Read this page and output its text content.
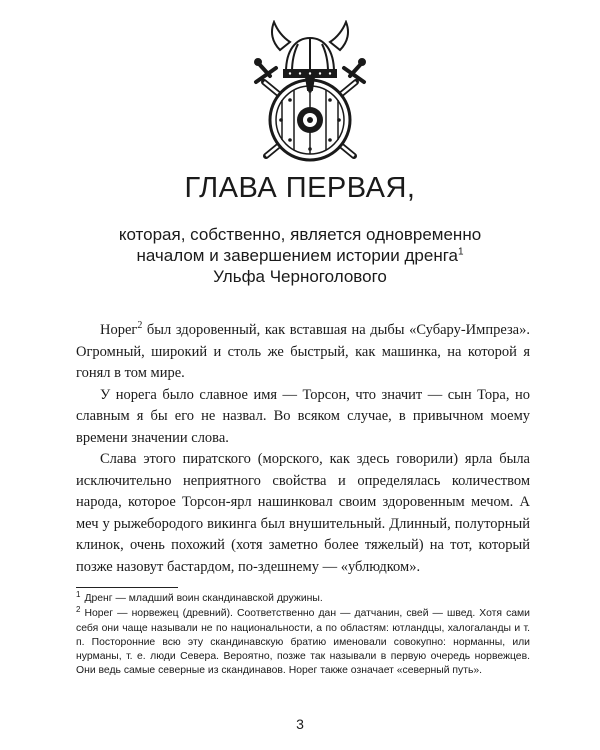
ГЛАВА ПЕРВАЯ,
которая, собственно, является одновременно
началом и завершением истории дренга$^1$
Ульфа Черноголового

Норег$^2$ был здоровенный, как вставшая на дыбы «Субару-Импреза». Огромный, широкий и столь же быстрый, как машинка, на которой я гонял в том мире.

У норега было славное имя — Торсон, что значит — сын Тора, но славным я бы его не назвал. Во всяком случае, в привычном моему времени значении слова.

Слава этого пиратского (морского, как здесь говорили) ярла была исключительно неприятного свойства и определялась количеством народа, которое Торсон-ярл нашинковал своим здоровенным мечом. А меч у рыжебородого викинга был внушительный. Длинный, полуторный клинок, очень похожий (хотя заметно более тяжелый) на тот, который позже назовут бастардом, по-здешнему — «ублюдком».

$^1$ Дренг — младший воин скандинавской дружины.

$^2$ Норег — норвежец (древний). Соответственно дан — датчанин, свей — швед. Хотя сами себя они чаще называли не по национальности, а по областям: ютландцы, халогаланды и т. п. Посторонние всю эту скандинавскую братию именовали совокупно: норманны, или нурманы, т. е. люди Севера. Вероятно, позже так называли в первую очередь норвежцев. Они ведь самые северные из скандинавов. Норег также означает «северный путь».

3
